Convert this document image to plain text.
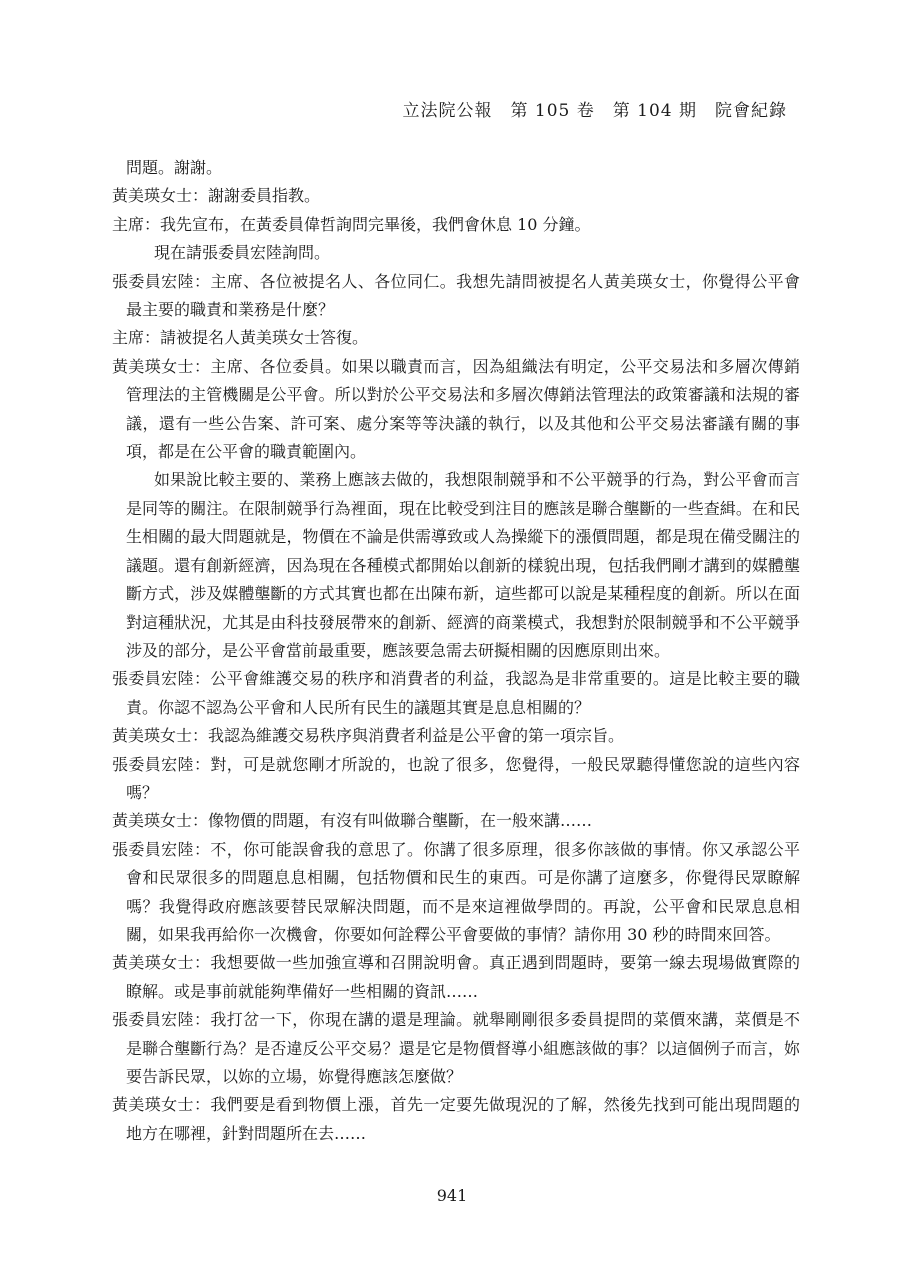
立法院公報　第 105 卷　第 104 期　院會紀錄

問題。謝謝。

黃美瑛女士：謝謝委員指教。

主席：我先宣布，在黃委員偉哲詢問完畢後，我們會休息 10 分鐘。

現在請張委員宏陸詢問。

張委員宏陸：主席、各位被提名人、各位同仁。我想先請問被提名人黃美瑛女士，你覺得公平會最主要的職責和業務是什麼？

主席：請被提名人黃美瑛女士答復。

黃美瑛女士：主席、各位委員。如果以職責而言，因為組織法有明定，公平交易法和多層次傳銷管理法的主管機關是公平會。所以對於公平交易法和多層次傳銷法管理法的政策審議和法規的審議，還有一些公告案、許可案、處分案等等決議的執行，以及其他和公平交易法審議有關的事項，都是在公平會的職責範圍內。

如果說比較主要的、業務上應該去做的，我想限制競爭和不公平競爭的行為，對公平會而言是同等的關注。在限制競爭行為裡面，現在比較受到注目的應該是聯合壟斷的一些查緝。在和民生相關的最大問題就是，物價在不論是供需導致或人為操縱下的漲價問題，都是現在備受關注的議題。還有創新經濟，因為現在各種模式都開始以創新的樣貌出現，包括我們剛才講到的媒體壟斷方式，涉及媒體壟斷的方式其實也都在出陳布新，這些都可以說是某種程度的創新。所以在面對這種狀況，尤其是由科技發展帶來的創新、經濟的商業模式，我想對於限制競爭和不公平競爭涉及的部分，是公平會當前最重要，應該要急需去研擬相關的因應原則出來。

張委員宏陸：公平會維護交易的秩序和消費者的利益，我認為是非常重要的。這是比較主要的職責。你認不認為公平會和人民所有民生的議題其實是息息相關的？

黃美瑛女士：我認為維護交易秩序與消費者利益是公平會的第一項宗旨。

張委員宏陸：對，可是就您剛才所說的，也說了很多，您覺得，一般民眾聽得懂您說的這些內容嗎？

黃美瑛女士：像物價的問題，有沒有叫做聯合壟斷，在一般來講……

張委員宏陸：不，你可能誤會我的意思了。你講了很多原理，很多你該做的事情。你又承認公平會和民眾很多的問題息息相關，包括物價和民生的東西。可是你講了這麼多，你覺得民眾瞭解嗎？我覺得政府應該要替民眾解決問題，而不是來這裡做學問的。再說，公平會和民眾息息相關，如果我再給你一次機會，你要如何詮釋公平會要做的事情？請你用 30 秒的時間來回答。

黃美瑛女士：我想要做一些加強宣導和召開說明會。真正遇到問題時，要第一線去現場做實際的瞭解。或是事前就能夠準備好一些相關的資訊……

張委員宏陸：我打岔一下，你現在講的還是理論。就舉剛剛很多委員提問的菜價來講，菜價是不是聯合壟斷行為？是否違反公平交易？還是它是物價督導小組應該做的事？以這個例子而言，妳要告訴民眾，以妳的立場，妳覺得應該怎麼做？

黃美瑛女士：我們要是看到物價上漲，首先一定要先做現況的了解，然後先找到可能出現問題的地方在哪裡，針對問題所在去……

941
